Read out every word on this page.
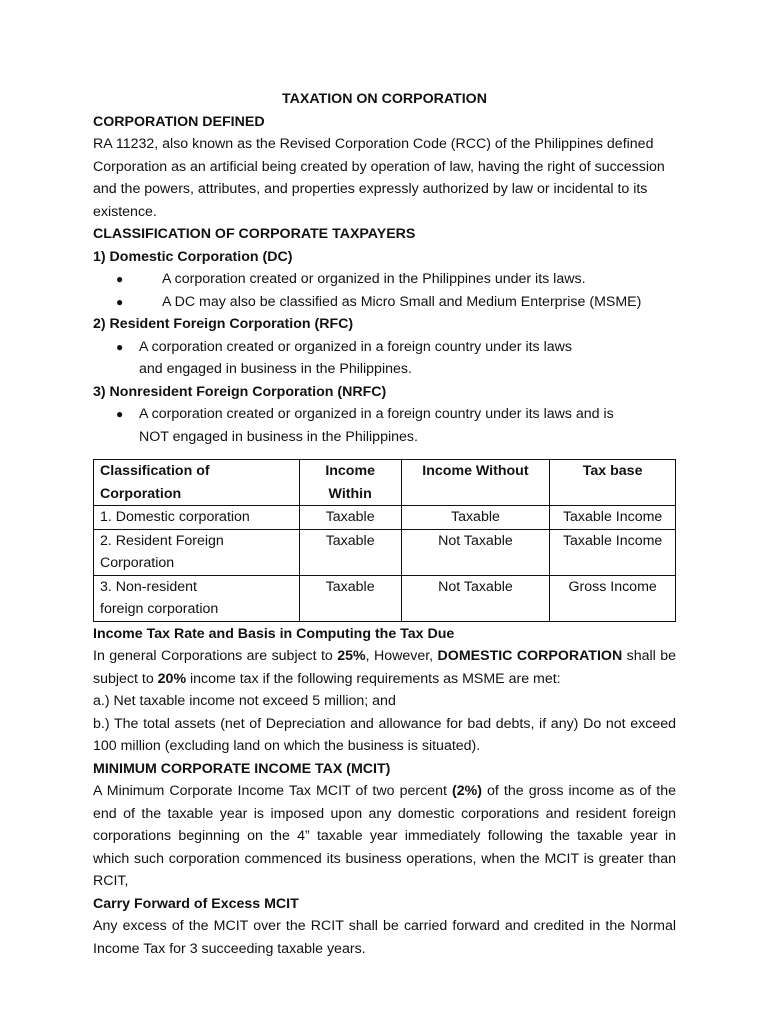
TAXATION ON CORPORATION

CORPORATION DEFINED

RA 11232, also known as the Revised Corporation Code (RCC) of the Philippines defined Corporation as an artificial being created by operation of law, having the right of succession and the powers, attributes, and properties expressly authorized by law or incidental to its existence.

CLASSIFICATION OF CORPORATE TAXPAYERS

1) Domestic Corporation (DC)

●	A corporation created or organized in the Philippines under its laws.
●	A DC may also be classified as Micro Small and Medium Enterprise (MSME)

2) Resident Foreign Corporation (RFC)

● A corporation created or organized in a foreign country under its laws and engaged in business in the Philippines.

3) Nonresident Foreign Corporation (NRFC)

● A corporation created or organized in a foreign country under its laws and is NOT engaged in business in the Philippines.
Classification of Corporation	Income Within	Income Without	Tax base
1. Domestic corporation	Taxable	Taxable	Taxable Income
2. Resident Foreign Corporation	Taxable	Not Taxable	Taxable Income
3. Non-resident foreign corporation	Taxable	Not Taxable	Gross Income

Income Tax Rate and Basis in Computing the Tax Due

In general Corporations are subject to 25%, However, DOMESTIC CORPORATION shall be subject to 20% income tax if the following requirements as MSME are met:

a.) Net taxable income not exceed 5 million; and

b.) The total assets (net of Depreciation and allowance for bad debts, if any) Do not exceed 100 million (excluding land on which the business is situated).

MINIMUM CORPORATE INCOME TAX (MCIT)

A Minimum Corporate Income Tax MCIT of two percent (2%) of the gross income as of the end of the taxable year is imposed upon any domestic corporations and resident foreign corporations beginning on the 4” taxable year immediately following the taxable year in which such corporation commenced its business operations, when the MCIT is greater than RCIT,

Carry Forward of Excess MCIT

Any excess of the MCIT over the RCIT shall be carried forward and credited in the Normal Income Tax for 3 succeeding taxable years.
